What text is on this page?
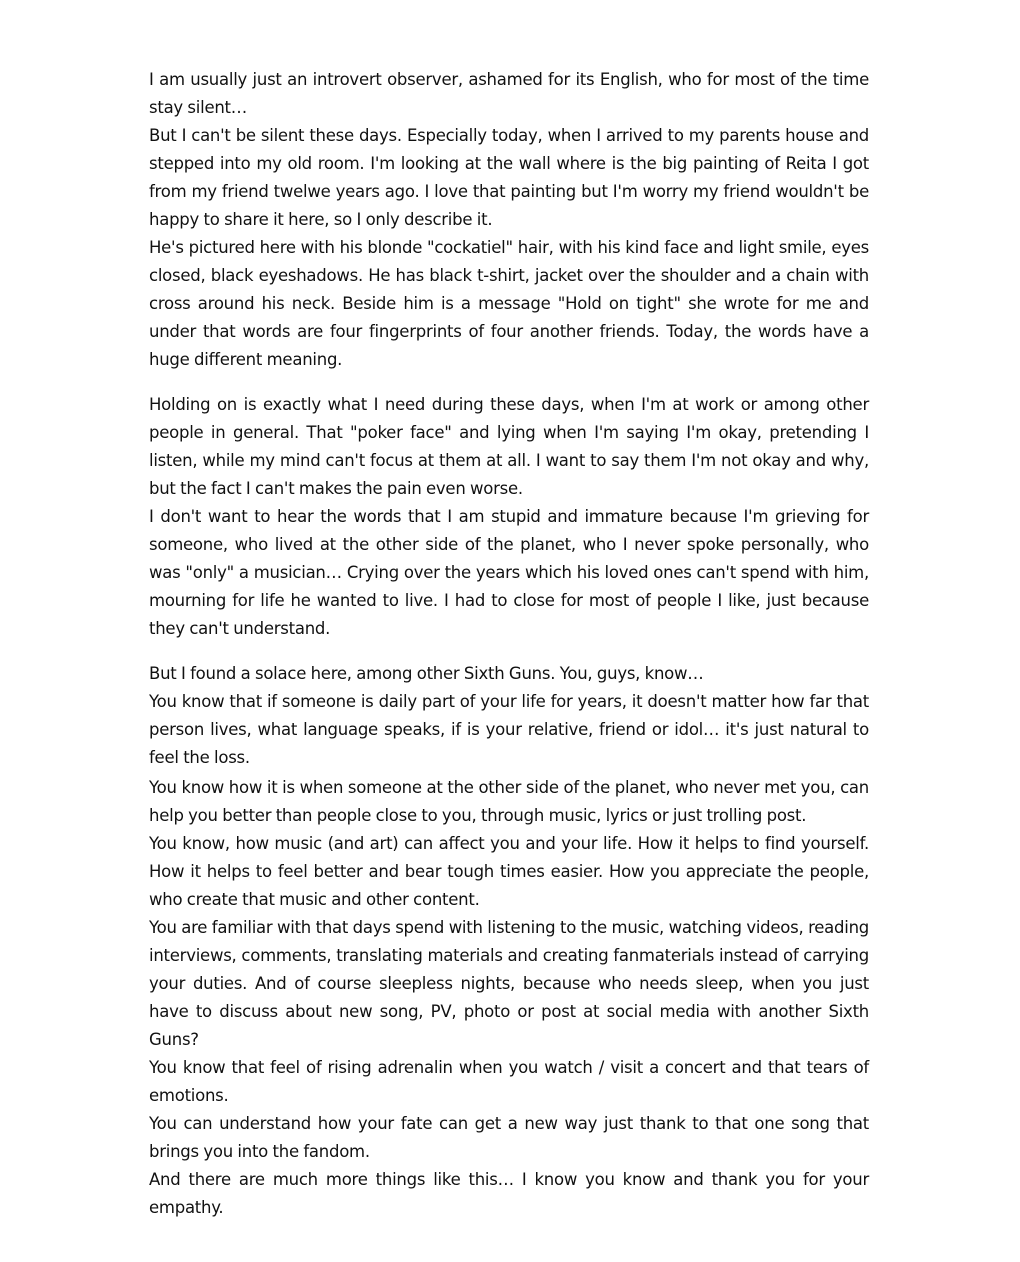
I am usually just an introvert observer, ashamed for its English, who for most of the time stay silent…

But I can't be silent these days. Especially today, when I arrived to my parents house and stepped into my old room. I'm looking at the wall where is the big painting of Reita I got from my friend twelwe years ago. I love that painting but I'm worry my friend wouldn't be happy to share it here, so I only describe it.

He's pictured here with his blonde "cockatiel" hair, with his kind face and light smile, eyes closed, black eyeshadows. He has black t-shirt, jacket over the shoulder and a chain with cross around his neck. Beside him is a message "Hold on tight" she wrote for me and under that words are four fingerprints of four another friends. Today, the words have a huge different meaning.

Holding on is exactly what I need during these days, when I'm at work or among other people in general. That "poker face" and lying when I'm saying I'm okay, pretending I listen, while my mind can't focus at them at all. I want to say them I'm not okay and why, but the fact I can't makes the pain even worse.

I don't want to hear the words that I am stupid and immature because I'm grieving for someone, who lived at the other side of the planet, who I never spoke personally, who was "only" a musician… Crying over the years which his loved ones can't spend with him, mourning for life he wanted to live. I had to close for most of people I like, just because they can't understand.

But I found a solace here, among other Sixth Guns. You, guys, know…

You know that if someone is daily part of your life for years, it doesn't matter how far that person lives, what language speaks, if is your relative, friend or idol… it's just natural to feel the loss.

You know how it is when someone at the other side of the planet, who never met you, can help you better than people close to you, through music, lyrics or just trolling post.

You know, how music (and art) can affect you and your life. How it helps to find yourself. How it helps to feel better and bear tough times easier. How you appreciate the people, who create that music and other content.

You are familiar with that days spend with listening to the music, watching videos, reading interviews, comments, translating materials and creating fanmaterials instead of carrying your duties. And of course sleepless nights, because who needs sleep, when you just have to discuss about new song, PV, photo or post at social media with another Sixth Guns?

You know that feel of rising adrenalin when you watch / visit a concert and that tears of emotions.

You can understand how your fate can get a new way just thank to that one song that brings you into the fandom.

And there are much more things like this… I know you know and thank you for your empathy.
